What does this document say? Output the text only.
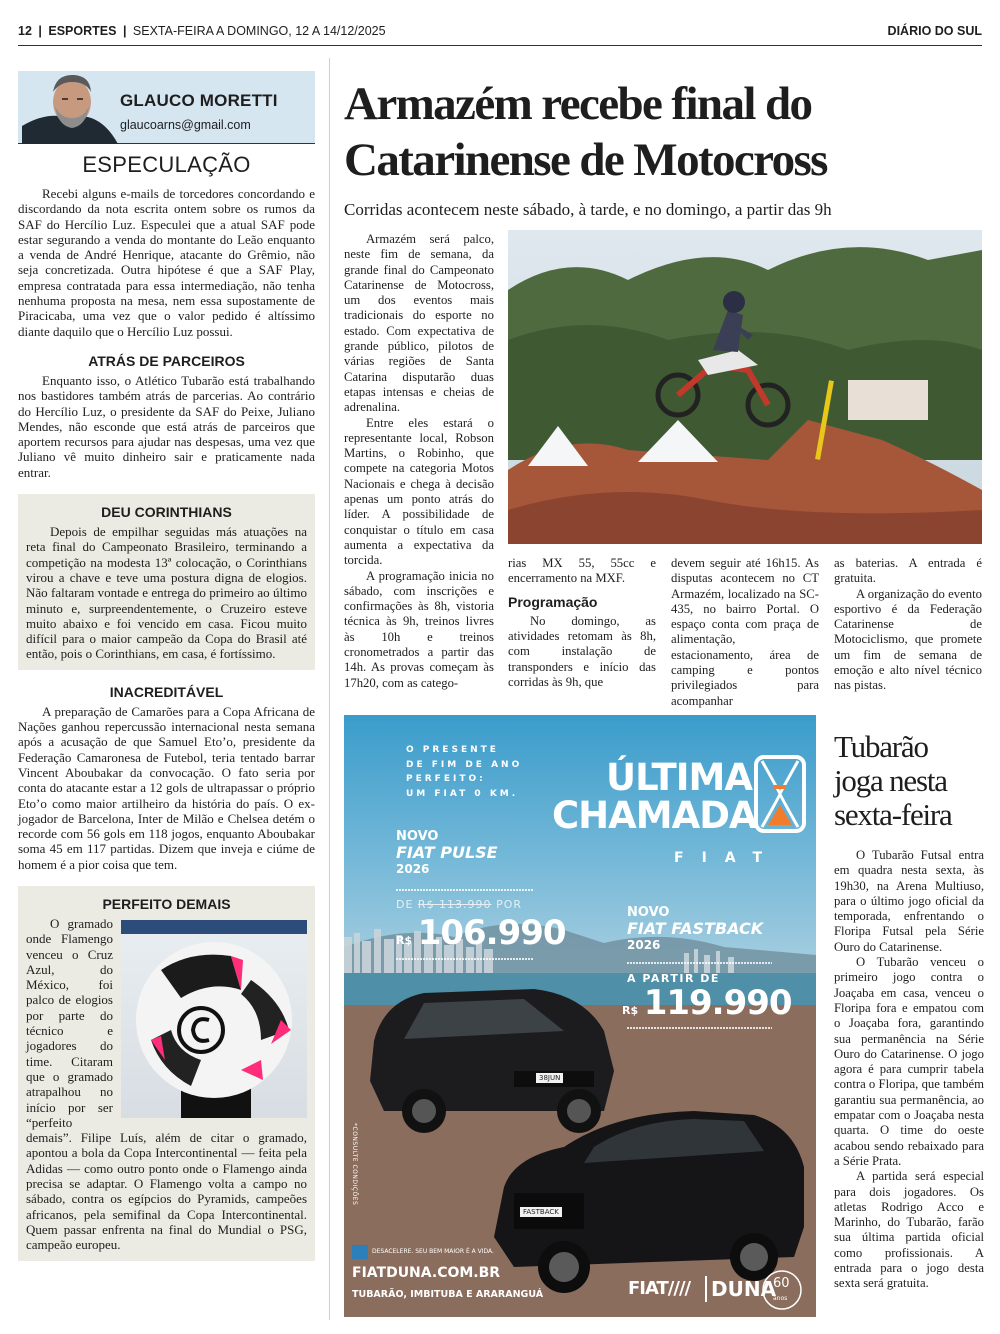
12 | ESPORTES | SEXTA-FEIRA A DOMINGO, 12 A 14/12/2025	DIÁRIO DO SUL
GLAUCO MORETTI
glaucoarns@gmail.com
ESPECULAÇÃO

Recebi alguns e-mails de torcedores concordando e discordando da nota escrita ontem sobre os rumos da SAF do Hercílio Luz. Especulei que a atual SAF pode estar segurando a venda do montante do Leão enquanto a venda de André Henrique, atacante do Grêmio, não seja concretizada. Outra hipótese é que a SAF Play, empresa contratada para essa intermediação, não tenha nenhuma proposta na mesa, nem essa supostamente de Piracicaba, uma vez que o valor pedido é altíssimo diante daquilo que o Hercílio Luz possui.

ATRÁS DE PARCEIROS

Enquanto isso, o Atlético Tubarão está trabalhando nos bastidores também atrás de parcerias. Ao contrário do Hercílio Luz, o presidente da SAF do Peixe, Juliano Mendes, não esconde que está atrás de parceiros que aportem recursos para ajudar nas despesas, uma vez que Juliano vê muito dinheiro sair e praticamente nada entrar.

DEU CORINTHIANS

Depois de empilhar seguidas más atuações na reta final do Campeonato Brasileiro, terminando a competição na modesta 13ª colocação, o Corinthians virou a chave e teve uma postura digna de elogios. Não faltaram vontade e entrega do primeiro ao último minuto e, surpreendentemente, o Cruzeiro esteve muito abaixo e foi vencido em casa. Ficou muito difícil para o maior campeão da Copa do Brasil até então, pois o Corinthians, em casa, é fortíssimo.

INACREDITÁVEL

A preparação de Camarões para a Copa Africana de Nações ganhou repercussão internacional nesta semana após a acusação de que Samuel Eto’o, presidente da Federação Camaronesa de Futebol, teria tentado barrar Vincent Aboubakar da convocação. O fato seria por conta do atacante estar a 12 gols de ultrapassar o próprio Eto’o como maior artilheiro da história do país. O ex-jogador de Barcelona, Inter de Milão e Chelsea detém o recorde com 56 gols em 118 jogos, enquanto Aboubakar soma 45 em 117 partidas. Dizem que inveja e ciúme de homem é a pior coisa que tem.

PERFEITO DEMAIS

O gramado onde Flamengo venceu o Cruz Azul, do México, foi palco de elogios por parte do técnico e jogadores do time. Citaram que o gramado atrapalhou no início por ser “perfeito demais”. Filipe Luís, além de citar o gramado, apontou a bola da Copa Intercontinental — feita pela Adidas — como outro ponto onde o Flamengo ainda precisa se adaptar. O Flamengo volta a campo no sábado, contra os egípcios do Pyramids, campeões africanos, pela semifinal da Copa Intercontinental. Quem passar enfrenta na final do Mundial o PSG, campeão europeu.

Armazém recebe final do
Catarinense de Motocross
Corridas acontecem neste sábado, à tarde, e no domingo, a partir das 9h

Armazém será palco, neste fim de semana, da grande final do Campeonato Catarinense de Motocross, um dos eventos mais tradicionais do esporte no estado. Com expectativa de grande público, pilotos de várias regiões de Santa Catarina disputarão duas etapas intensas e cheias de adrenalina.

Entre eles estará o representante local, Robson Martins, o Robinho, que compete na categoria Motos Nacionais e chega à decisão apenas um ponto atrás do líder. A possibilidade de conquistar o título em casa aumenta a expectativa da torcida.

A programação inicia no sábado, com inscrições e confirmações às 8h, vistoria técnica às 9h, treinos livres às 10h e treinos cronometrados a partir das 14h. As provas começam às 17h20, com as catego-

rias MX 55, 55cc e encerramento na MXF.

Programação

No domingo, as atividades retomam às 8h, com instalação de transponders e início das corridas às 9h, que

devem seguir até 16h15. As disputas acontecem no CT Armazém, localizado na SC-435, no bairro Portal. O espaço conta com praça de alimentação, estacionamento, área de camping e pontos privilegiados para acompanhar

as baterias. A entrada é gratuita.

A organização do evento esportivo é da Federação Catarinense de Motociclismo, que promete um fim de semana de emoção e alto nível técnico nas pistas.

O PRESENTE
DE FIM DE ANO
PERFEITO:
UM FIAT 0 KM.	ÚLTIMA
CHAMADA
FIAT
NOVO
FIAT PULSE
2026
DE R$ 113.990 POR
R$ 106.990
38JUN
NOVO
FIAT FASTBACK
2026
A PARTIR DE
R$ 119.990
FASTBACK
*CONSULTE CONDIÇÕES
DESACELERE. SEU BEM MAIOR É A VIDA.
FIATDUNA.COM.BR
TUBARÃO, IMBITUBA E ARARANGUÁ	FIAT//// DUNA
60
anos
Tubarão
joga nesta
sexta-feira

O Tubarão Futsal entra em quadra nesta sexta, às 19h30, na Arena Multiuso, para o último jogo oficial da temporada, enfrentando o Floripa Futsal pela Série Ouro do Catarinense.

O Tubarão venceu o primeiro jogo contra o Joaçaba em casa, venceu o Floripa fora e empatou com o Joaçaba fora, garantindo sua permanência na Série Ouro do Catarinense. O jogo agora é para cumprir tabela contra o Floripa, que também garantiu sua permanência, ao empatar com o Joaçaba nesta quarta. O time do oeste acabou sendo rebaixado para a Série Prata.

A partida será especial para dois jogadores. Os atletas Rodrigo Acco e Marinho, do Tubarão, farão sua última partida oficial como profissionais. A entrada para o jogo desta sexta será gratuita.
